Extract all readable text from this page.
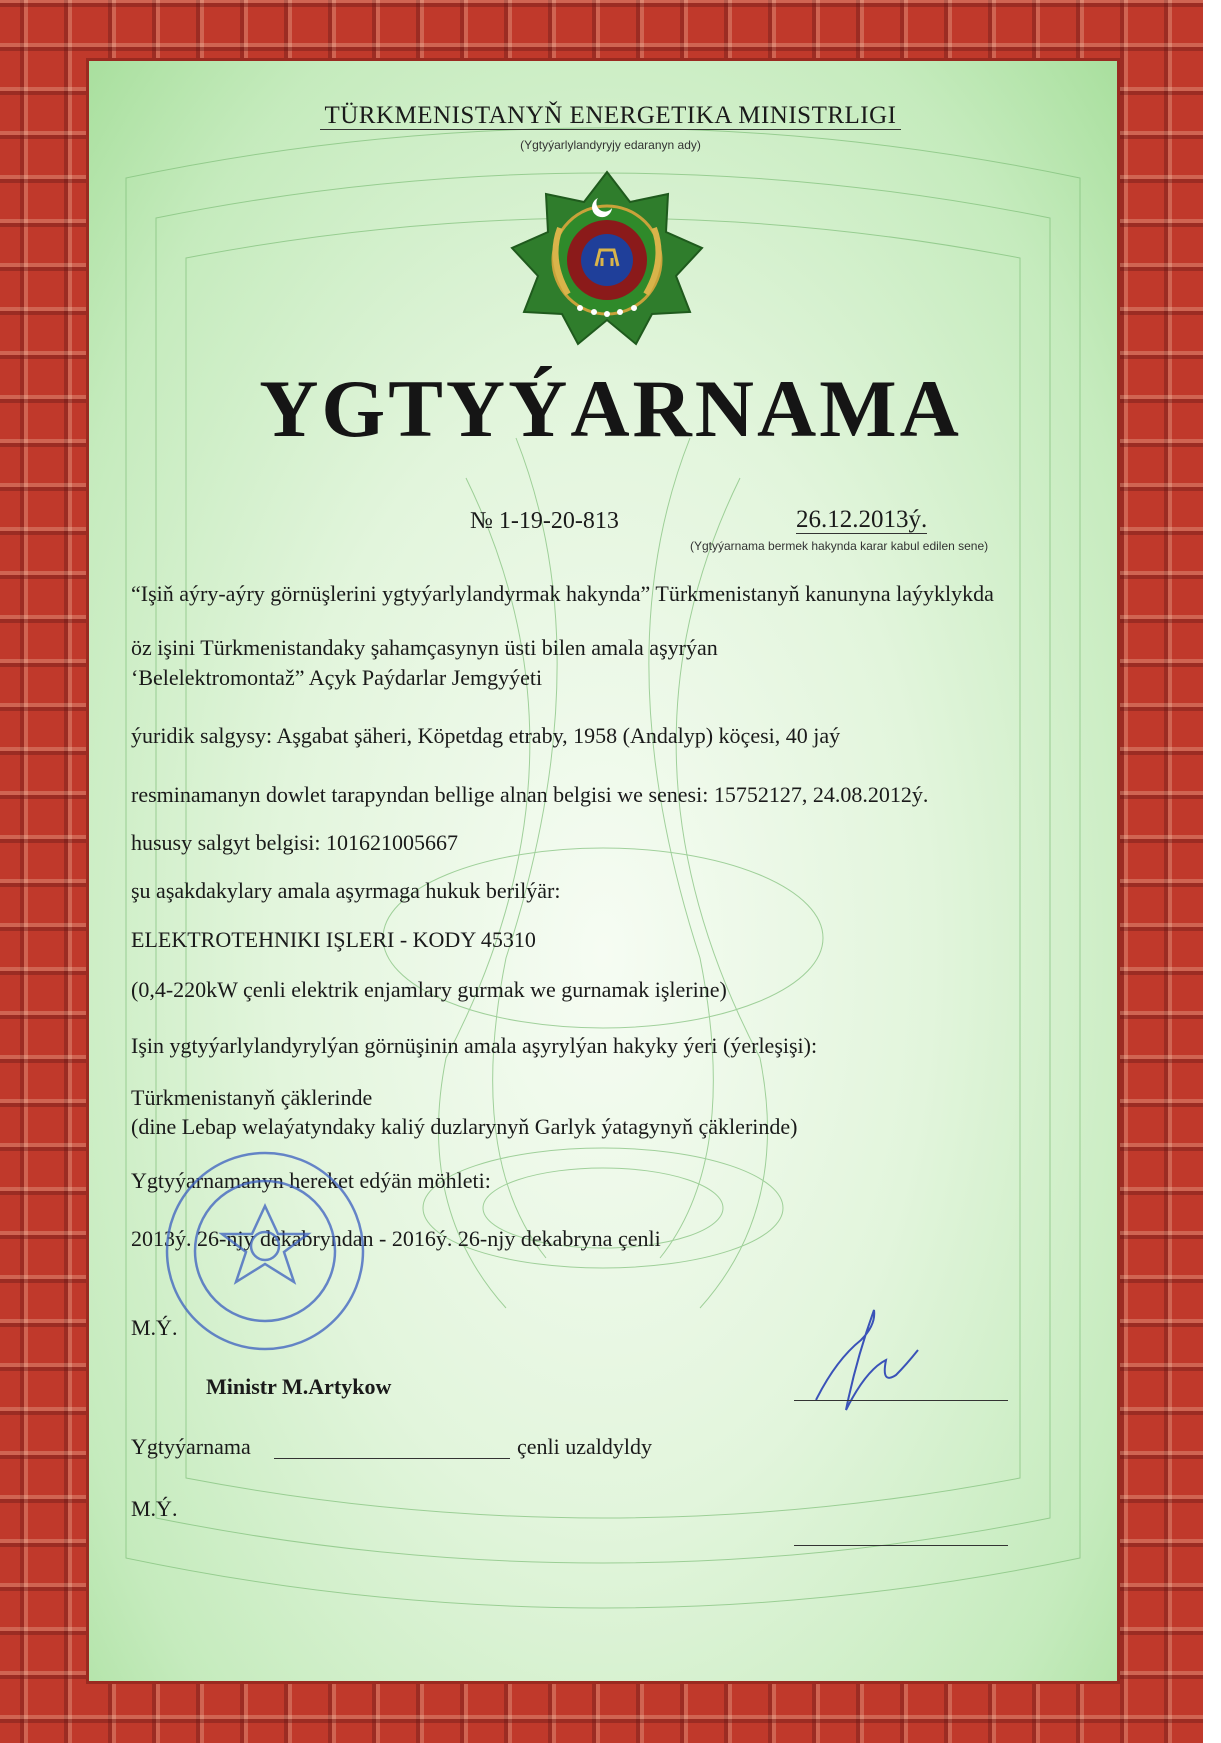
TÜRKMENISTANYŇ ENERGETIKA MINISTRLIGI
(Ygtyýarlylandyryjy edaranyn ady)
YGTYÝARNAMA
№ 1-19-20-813	26.12.2013ý.
(Ygtyýarnama bermek hakynda karar kabul edilen sene)
“Işiň aýry-aýry görnüşlerini ygtyýarlylandyrmak hakynda” Türkmenistanyň kanunyna laýyklykda
öz işini Türkmenistandaky şahamçasynyn üsti bilen amala aşyrýan
‘Belelektromontaž” Açyk Paýdarlar Jemgyýeti
ýuridik salgysy: Aşgabat şäheri, Köpetdag etraby, 1958 (Andalyp) köçesi, 40 jaý
resminamanyn dowlet tarapyndan bellige alnan belgisi we senesi: 15752127, 24.08.2012ý.
hususy salgyt belgisi: 101621005667
şu aşakdakylary amala aşyrmaga hukuk berilýär:
ELEKTROTEHNIKI IŞLERI - KODY 45310
(0,4-220kW çenli elektrik enjamlary gurmak we gurnamak işlerine)
Işin ygtyýarlylandyrylýan görnüşinin amala aşyrylýan hakyky ýeri (ýerleşişi):
Türkmenistanyň çäklerinde
(dine Lebap welaýatyndaky kaliý duzlarynyň Garlyk ýatagynyň çäklerinde)
Ygtyýarnamanyn hereket edýän möhleti:
2013ý. 26-njy dekabryndan - 2016ý. 26-njy dekabryna çenli
M.Ý.
Ministr M.Artykow
Ygtyýarnama	çenli uzaldyldy
M.Ý.
